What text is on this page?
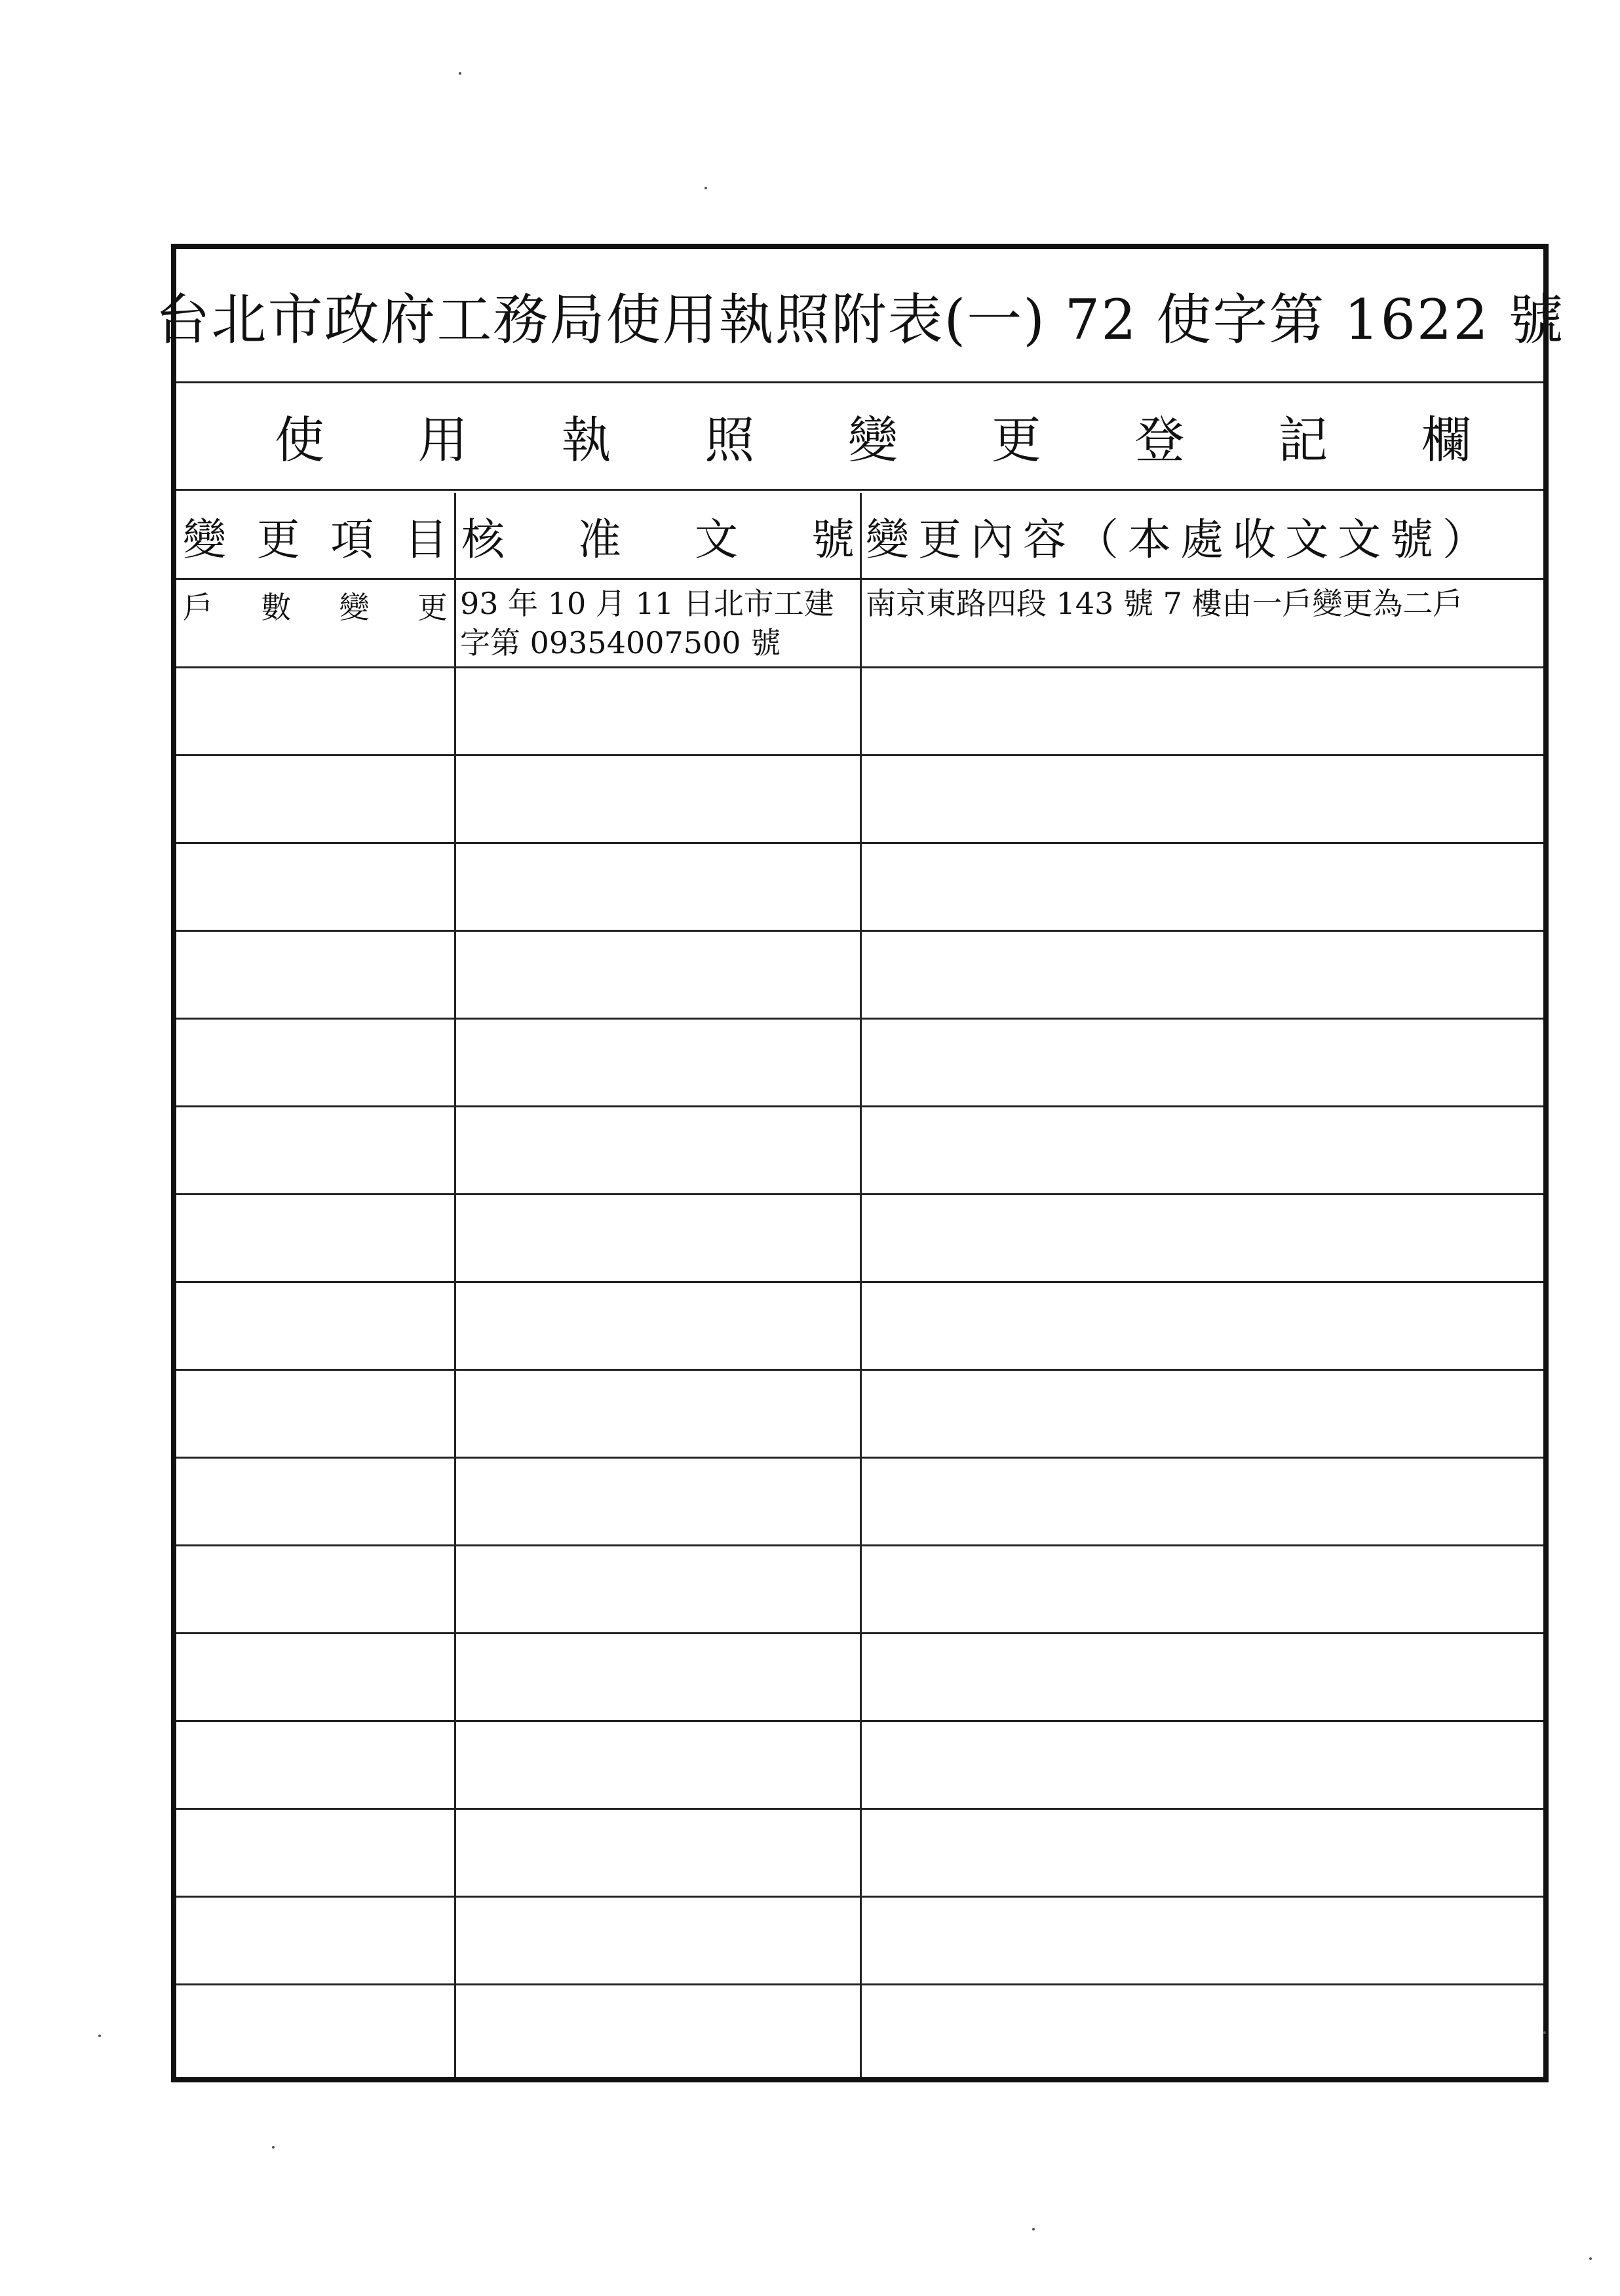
台北市政府工務局使用執照附表(一) 72 使字第 1622 號
使 用 執 照 變 更 登 記 欄
變 更 項 目 核 准 文 號 變更內容（本處收文文號）
戶 數 變 更 93 年 10 月 11 日北市工建字第 09354007500 號
南京東路四段 143 號 7 樓由一戶變更為二戶
